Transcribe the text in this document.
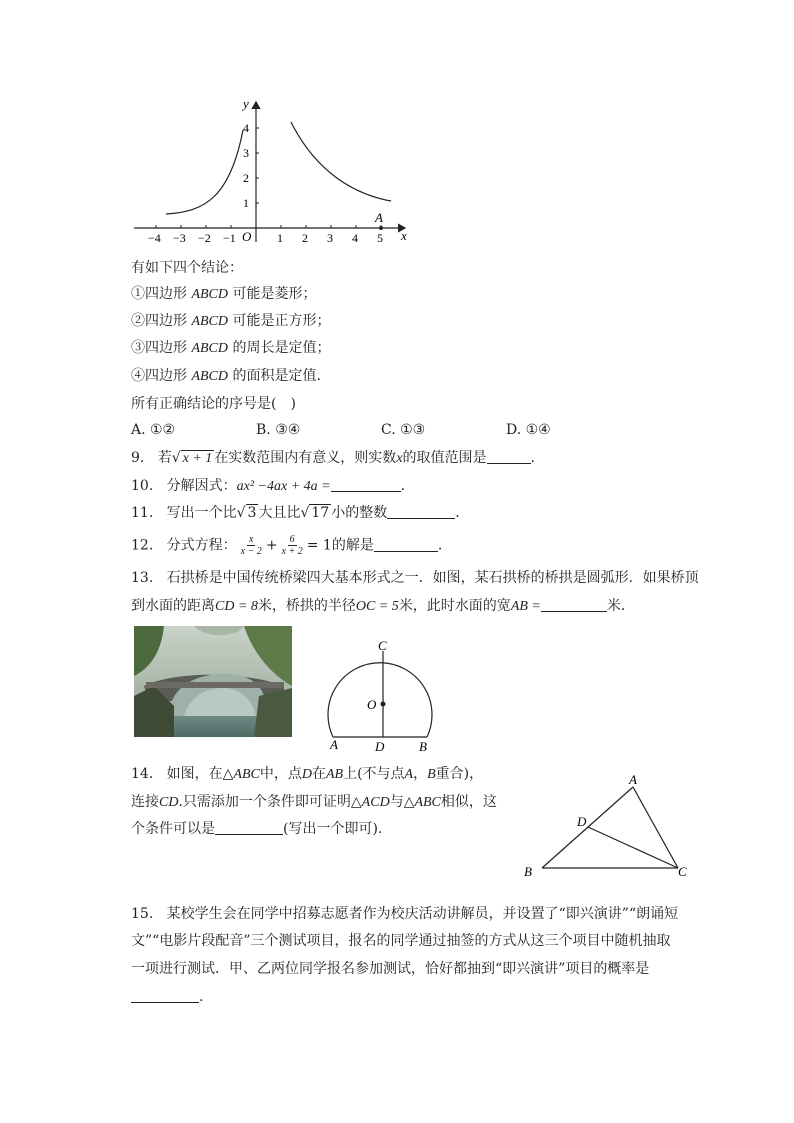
y
x
O
−4 −3 −2 −1	1 2 3 4 5
1
2
3
4
A
有如下四个结论：
①四边形 ABCD 可能是菱形；
②四边形 ABCD 可能是正方形；
③四边形 ABCD 的周长是定值；
④四边形 ABCD 的面积是定值.
所有正确结论的序号是(　)
A. ①②	B. ③④	C. ①③	D. ①④
9. 若√ x + 1 在实数范围内有意义，则实数x的取值范围是	.
10. 分解因式：ax² −4ax + 4a =	.
11. 写出一个比√ 3 大且比√ 17 小的整数	.
12. 分式方程： $\frac{x}{x - 2} + \frac{6}{x + 2} = 1$的解是	.
13. 石拱桥是中国传统桥梁四大基本形式之一．如图，某石拱桥的桥拱是圆弧形．如果桥顶
到水面的距离CD = 8米，桥拱的半径OC = 5米，此时水面的宽AB =	米．
C
O
A	D	B
14. 如图，在△ABC中，点D在AB上(不与点A，B重合)，
连接CD.只需添加一个条件即可证明△ACD与△ABC相似，这
个条件可以是	(写出一个即可).
A
D
B	C
15. 某校学生会在同学中招募志愿者作为校庆活动讲解员，并设置了“即兴演讲”“朗诵短
文”“电影片段配音”三个测试项目，报名的同学通过抽签的方式从这三个项目中随机抽取
一项进行测试．甲、乙两位同学报名参加测试，恰好都抽到“即兴演讲”项目的概率是
.
